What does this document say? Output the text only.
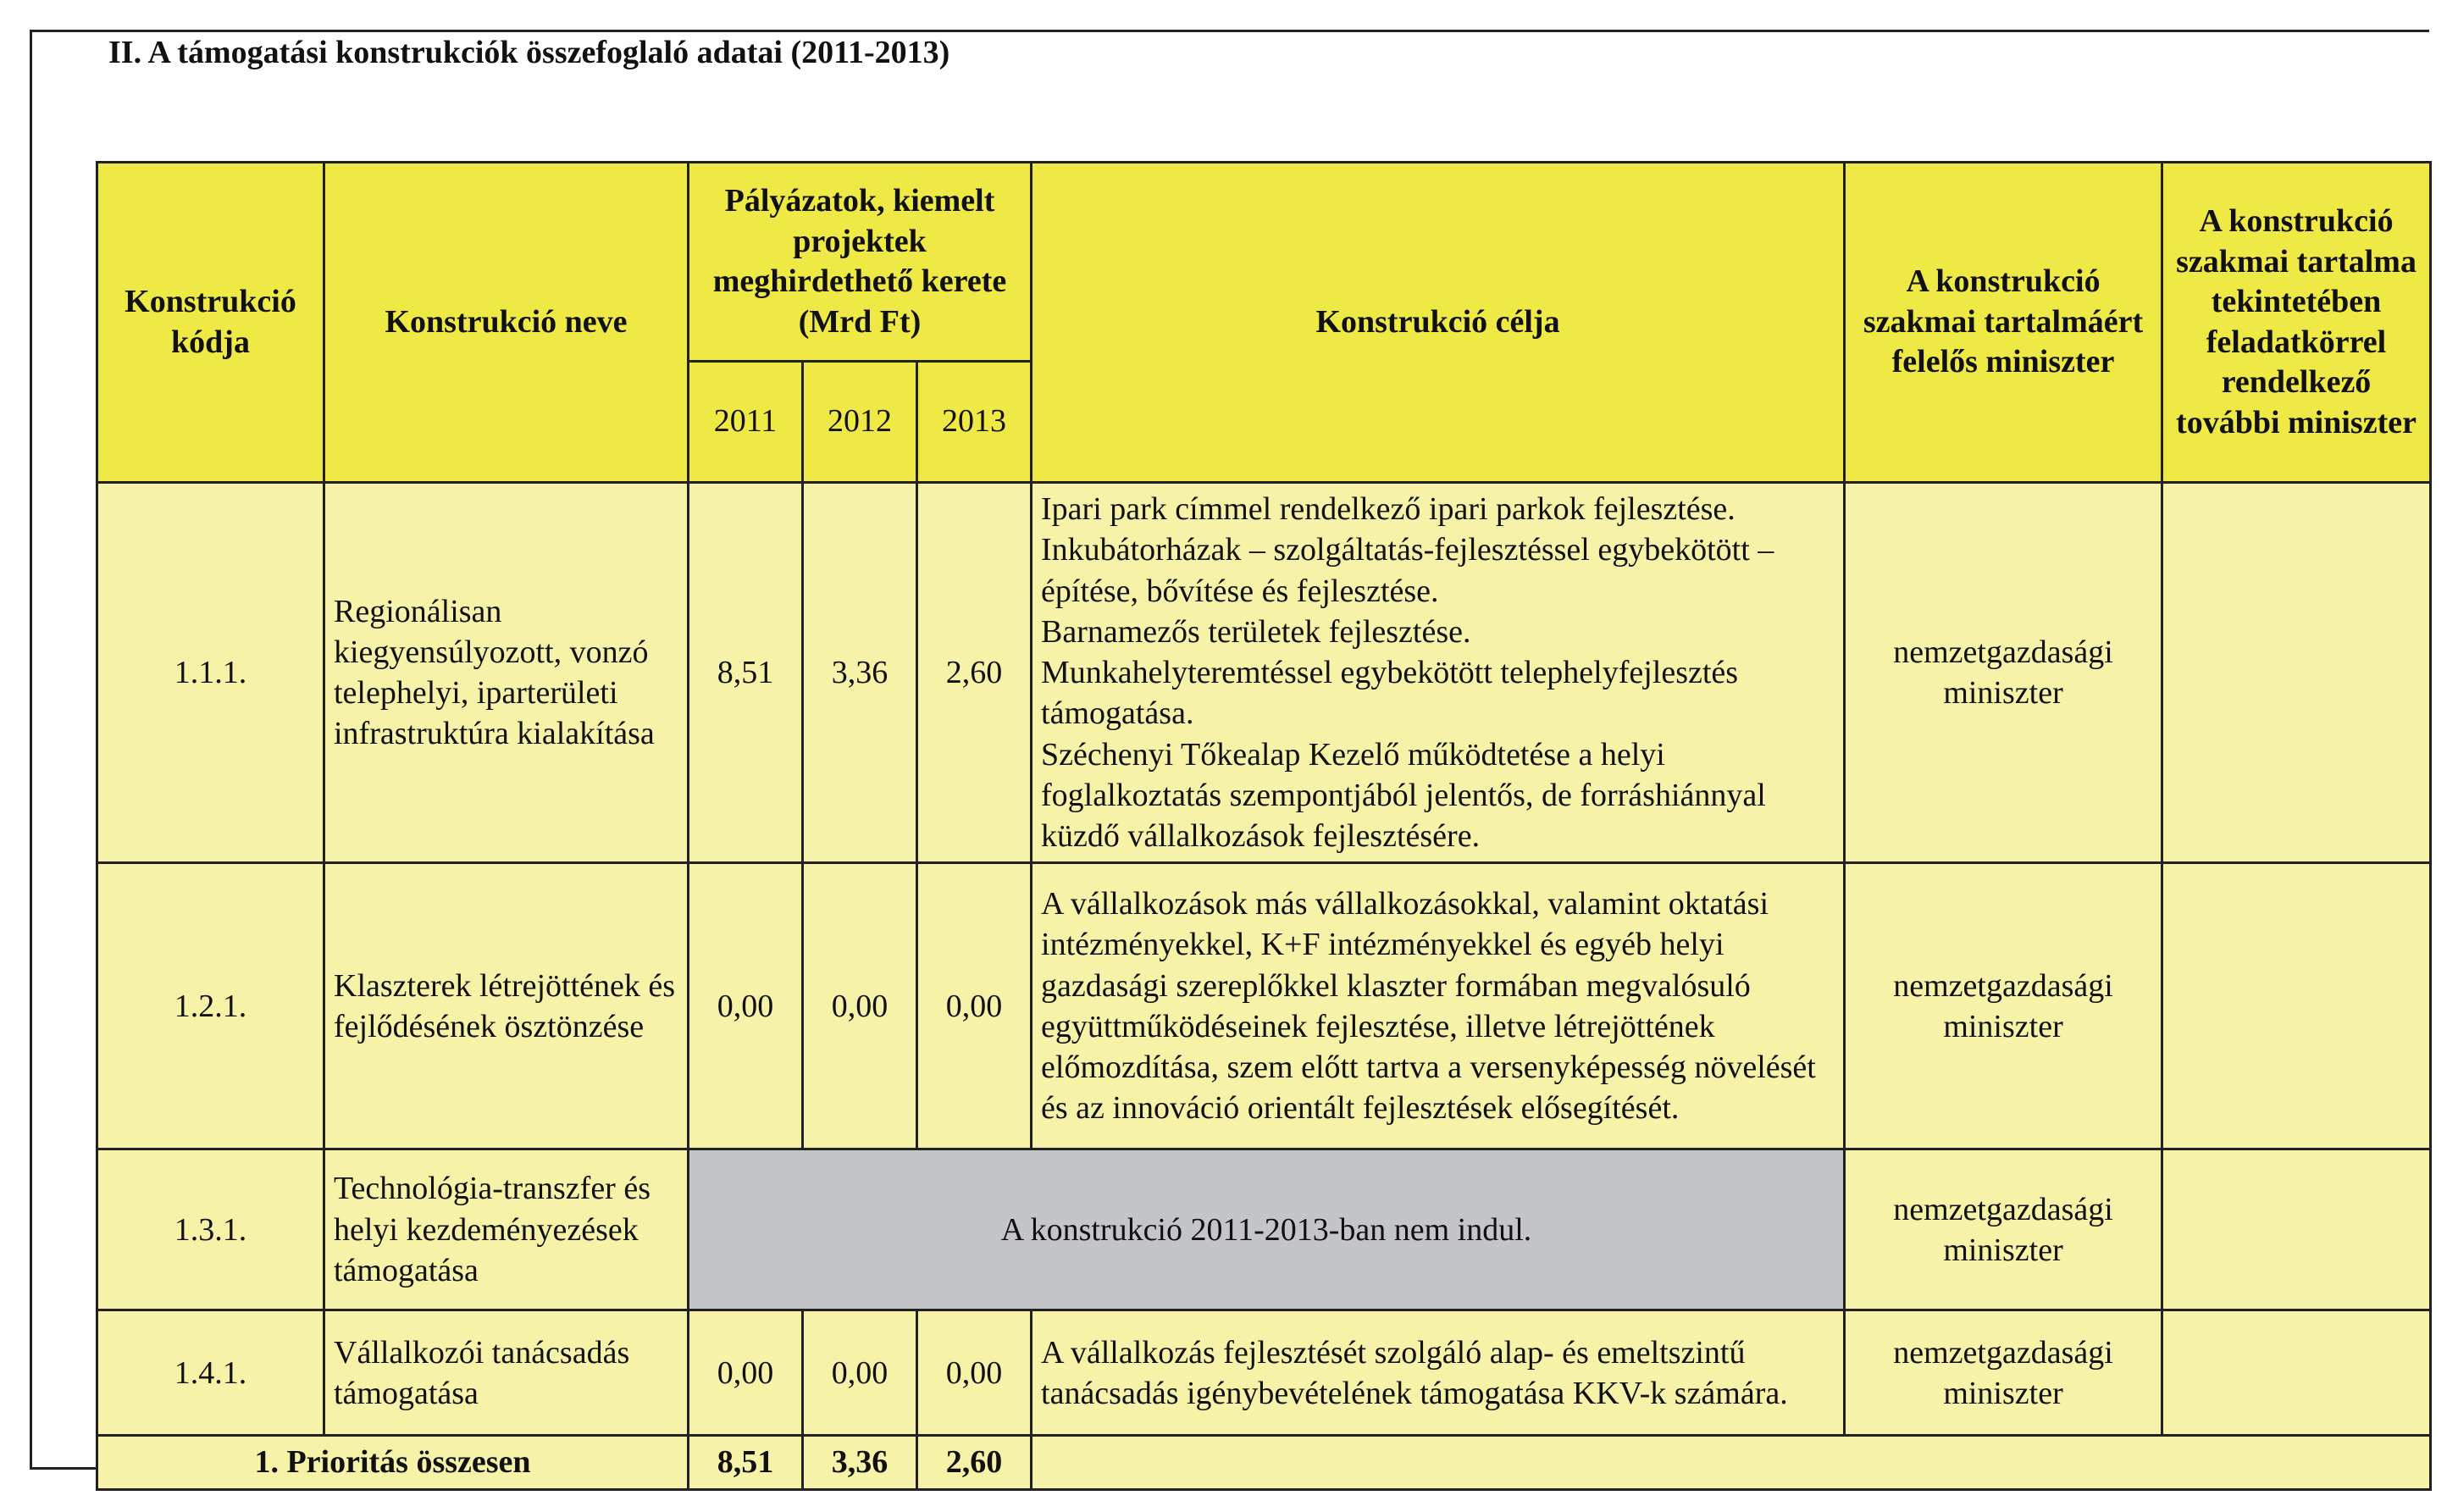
II. A támogatási konstrukciók összefoglaló adatai (2011-2013)
Konstrukció kódja	Konstrukció neve	Pályázatok, kiemelt projektek meghirdethető kerete (Mrd Ft)			Konstrukció célja	A konstrukció szakmai tartalmáért felelős miniszter	A konstrukció szakmai tartalma tekintetében feladatkörrel rendelkező további miniszter
		2011	2012	2013			
1.1.1.	Regionálisan kiegyensúlyozott, vonzó telephelyi, iparterületi infrastruktúra kialakítása	8,51	3,36	2,60	Ipari park címmel rendelkező ipari parkok fejlesztése.
Inkubátorházak – szolgáltatás-fejlesztéssel egybekötött – építése, bővítése és fejlesztése.
Barnamezős területek fejlesztése.
Munkahelyteremtéssel egybekötött telephelyfejlesztés támogatása.
Széchenyi Tőkealap Kezelő működtetése a helyi foglalkoztatás szempontjából jelentős, de forráshiánnyal küzdő vállalkozások fejlesztésére.	nemzetgazdasági miniszter	
1.2.1.	Klaszterek létrejöttének és fejlődésének ösztönzése	0,00	0,00	0,00	A vállalkozások más vállalkozásokkal, valamint oktatási intézményekkel, K+F intézményekkel és egyéb helyi gazdasági szereplőkkel klaszter formában megvalósuló együttműködéseinek fejlesztése, illetve létrejöttének előmozdítása, szem előtt tartva a versenyképesség növelését és az innováció orientált fejlesztések elősegítését.	nemzetgazdasági miniszter	
1.3.1.	Technológia-transzfer és helyi kezdeményezések támogatása	A konstrukció 2011-2013-ban nem indul.				nemzetgazdasági miniszter	
1.4.1.	Vállalkozói tanácsadás támogatása	0,00	0,00	0,00	A vállalkozás fejlesztését szolgáló alap- és emeltszintű tanácsadás igénybevételének támogatása KKV-k számára.	nemzetgazdasági miniszter	
1. Prioritás összesen		8,51	3,36	2,60			
